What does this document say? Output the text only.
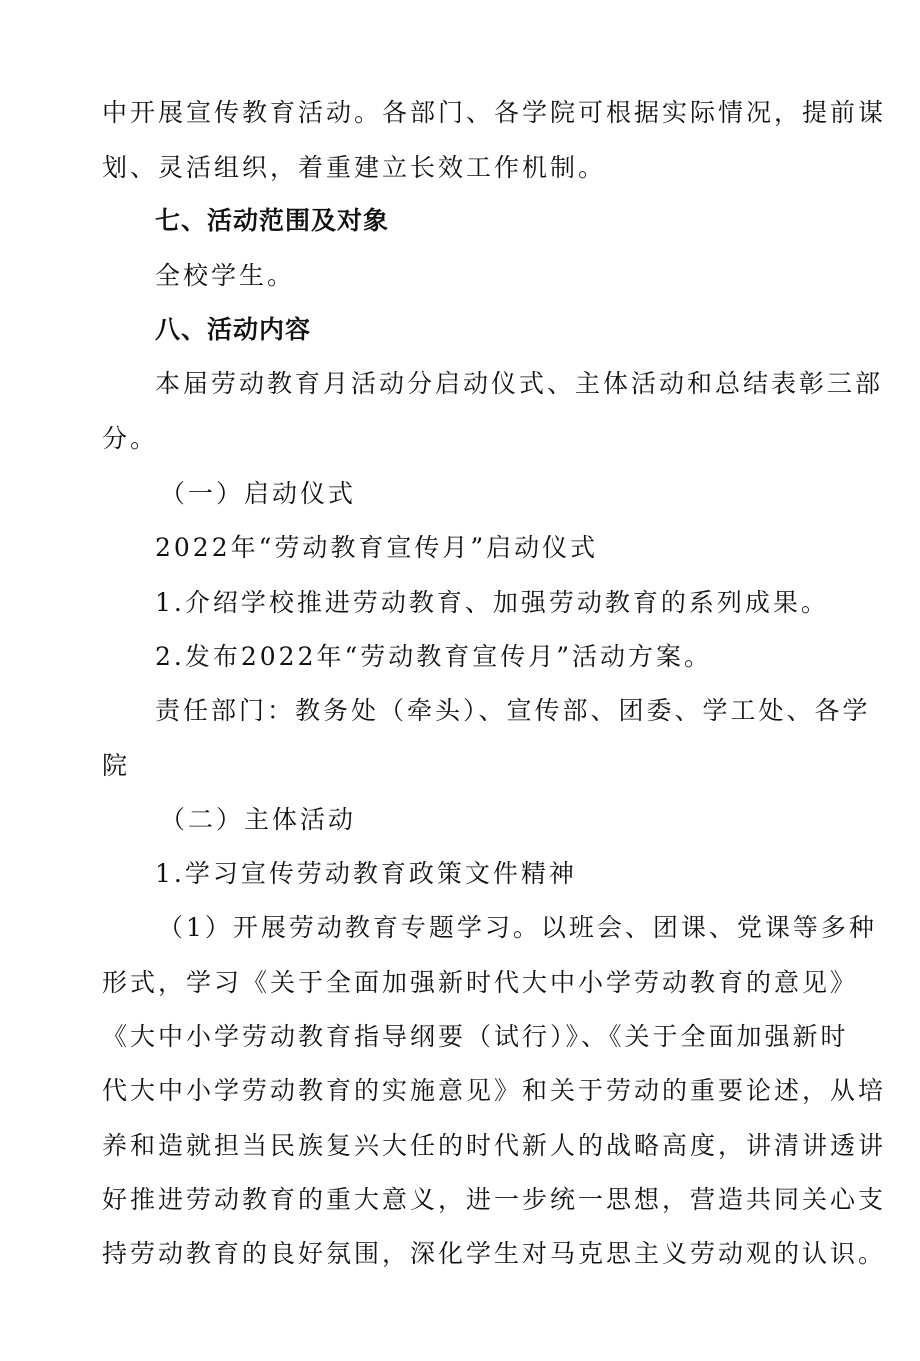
中开展宣传教育活动。各部门、各学院可根据实际情况，提前谋
划、灵活组织，着重建立长效工作机制。
七、活动范围及对象
全校学生。
八、活动内容
本届劳动教育月活动分启动仪式、主体活动和总结表彰三部
分。
（一）启动仪式
2022年“劳动教育宣传月”启动仪式
1.介绍学校推进劳动教育、加强劳动教育的系列成果。
2.发布2022年“劳动教育宣传月”活动方案。
责任部门：教务处（牵头）、宣传部、团委、学工处、各学
院
（二）主体活动
1.学习宣传劳动教育政策文件精神
（1）开展劳动教育专题学习。以班会、团课、党课等多种
形式，学习《关于全面加强新时代大中小学劳动教育的意见》
《大中小学劳动教育指导纲要（试行）》、《关于全面加强新时
代大中小学劳动教育的实施意见》和关于劳动的重要论述，从培
养和造就担当民族复兴大任的时代新人的战略高度，讲清讲透讲
好推进劳动教育的重大意义，进一步统一思想，营造共同关心支
持劳动教育的良好氛围，深化学生对马克思主义劳动观的认识。
